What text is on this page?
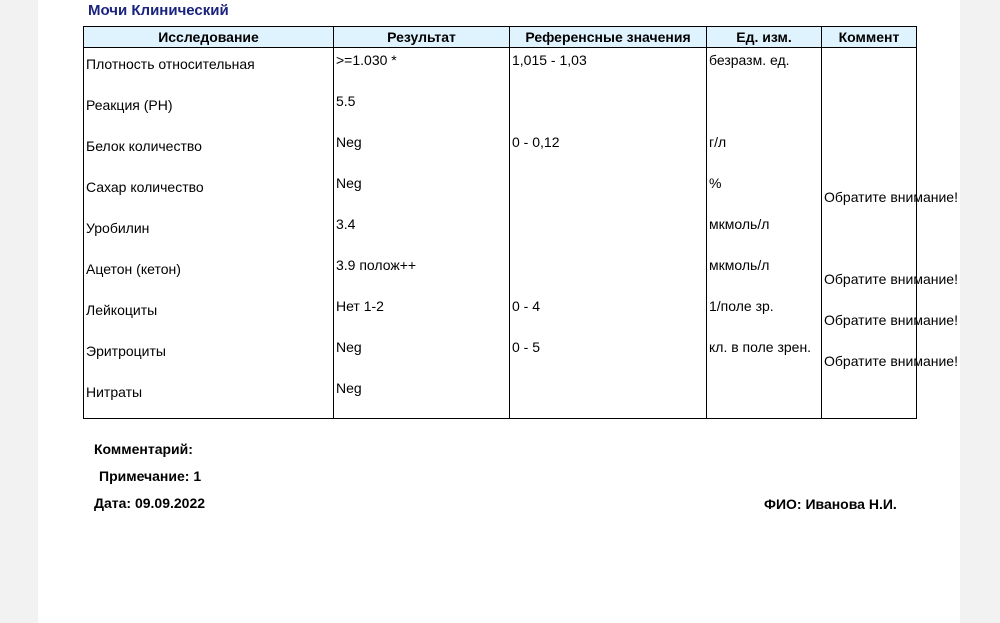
Мочи Клинический
Исследование	Результат	Референсные значения	Ед. изм.	Коммент
Плотность относительная	>=1.030 *	1,015 - 1,03	безразм. ед.	
Реакция (PH)	5.5			
Белок количество	Neg	0 - 0,12	г/л	
Сахар количество	Neg		%	Обратите внимание!

Уробилин	3.4		мкмоль/л	
Ацетон (кетон)	3.9 полож++		мкмоль/л	Обратите внимание!

Лейкоциты	Нет 1-2	0 - 4	1/поле зр.	Обратите внимание!

Эритроциты	Neg	0 - 5	кл. в поле зрен.	Обратите внимание!

Нитраты	Neg			
Комментарий:
Примечание: 1
Дата: 09.09.2022	ФИО: Иванова Н.И.
